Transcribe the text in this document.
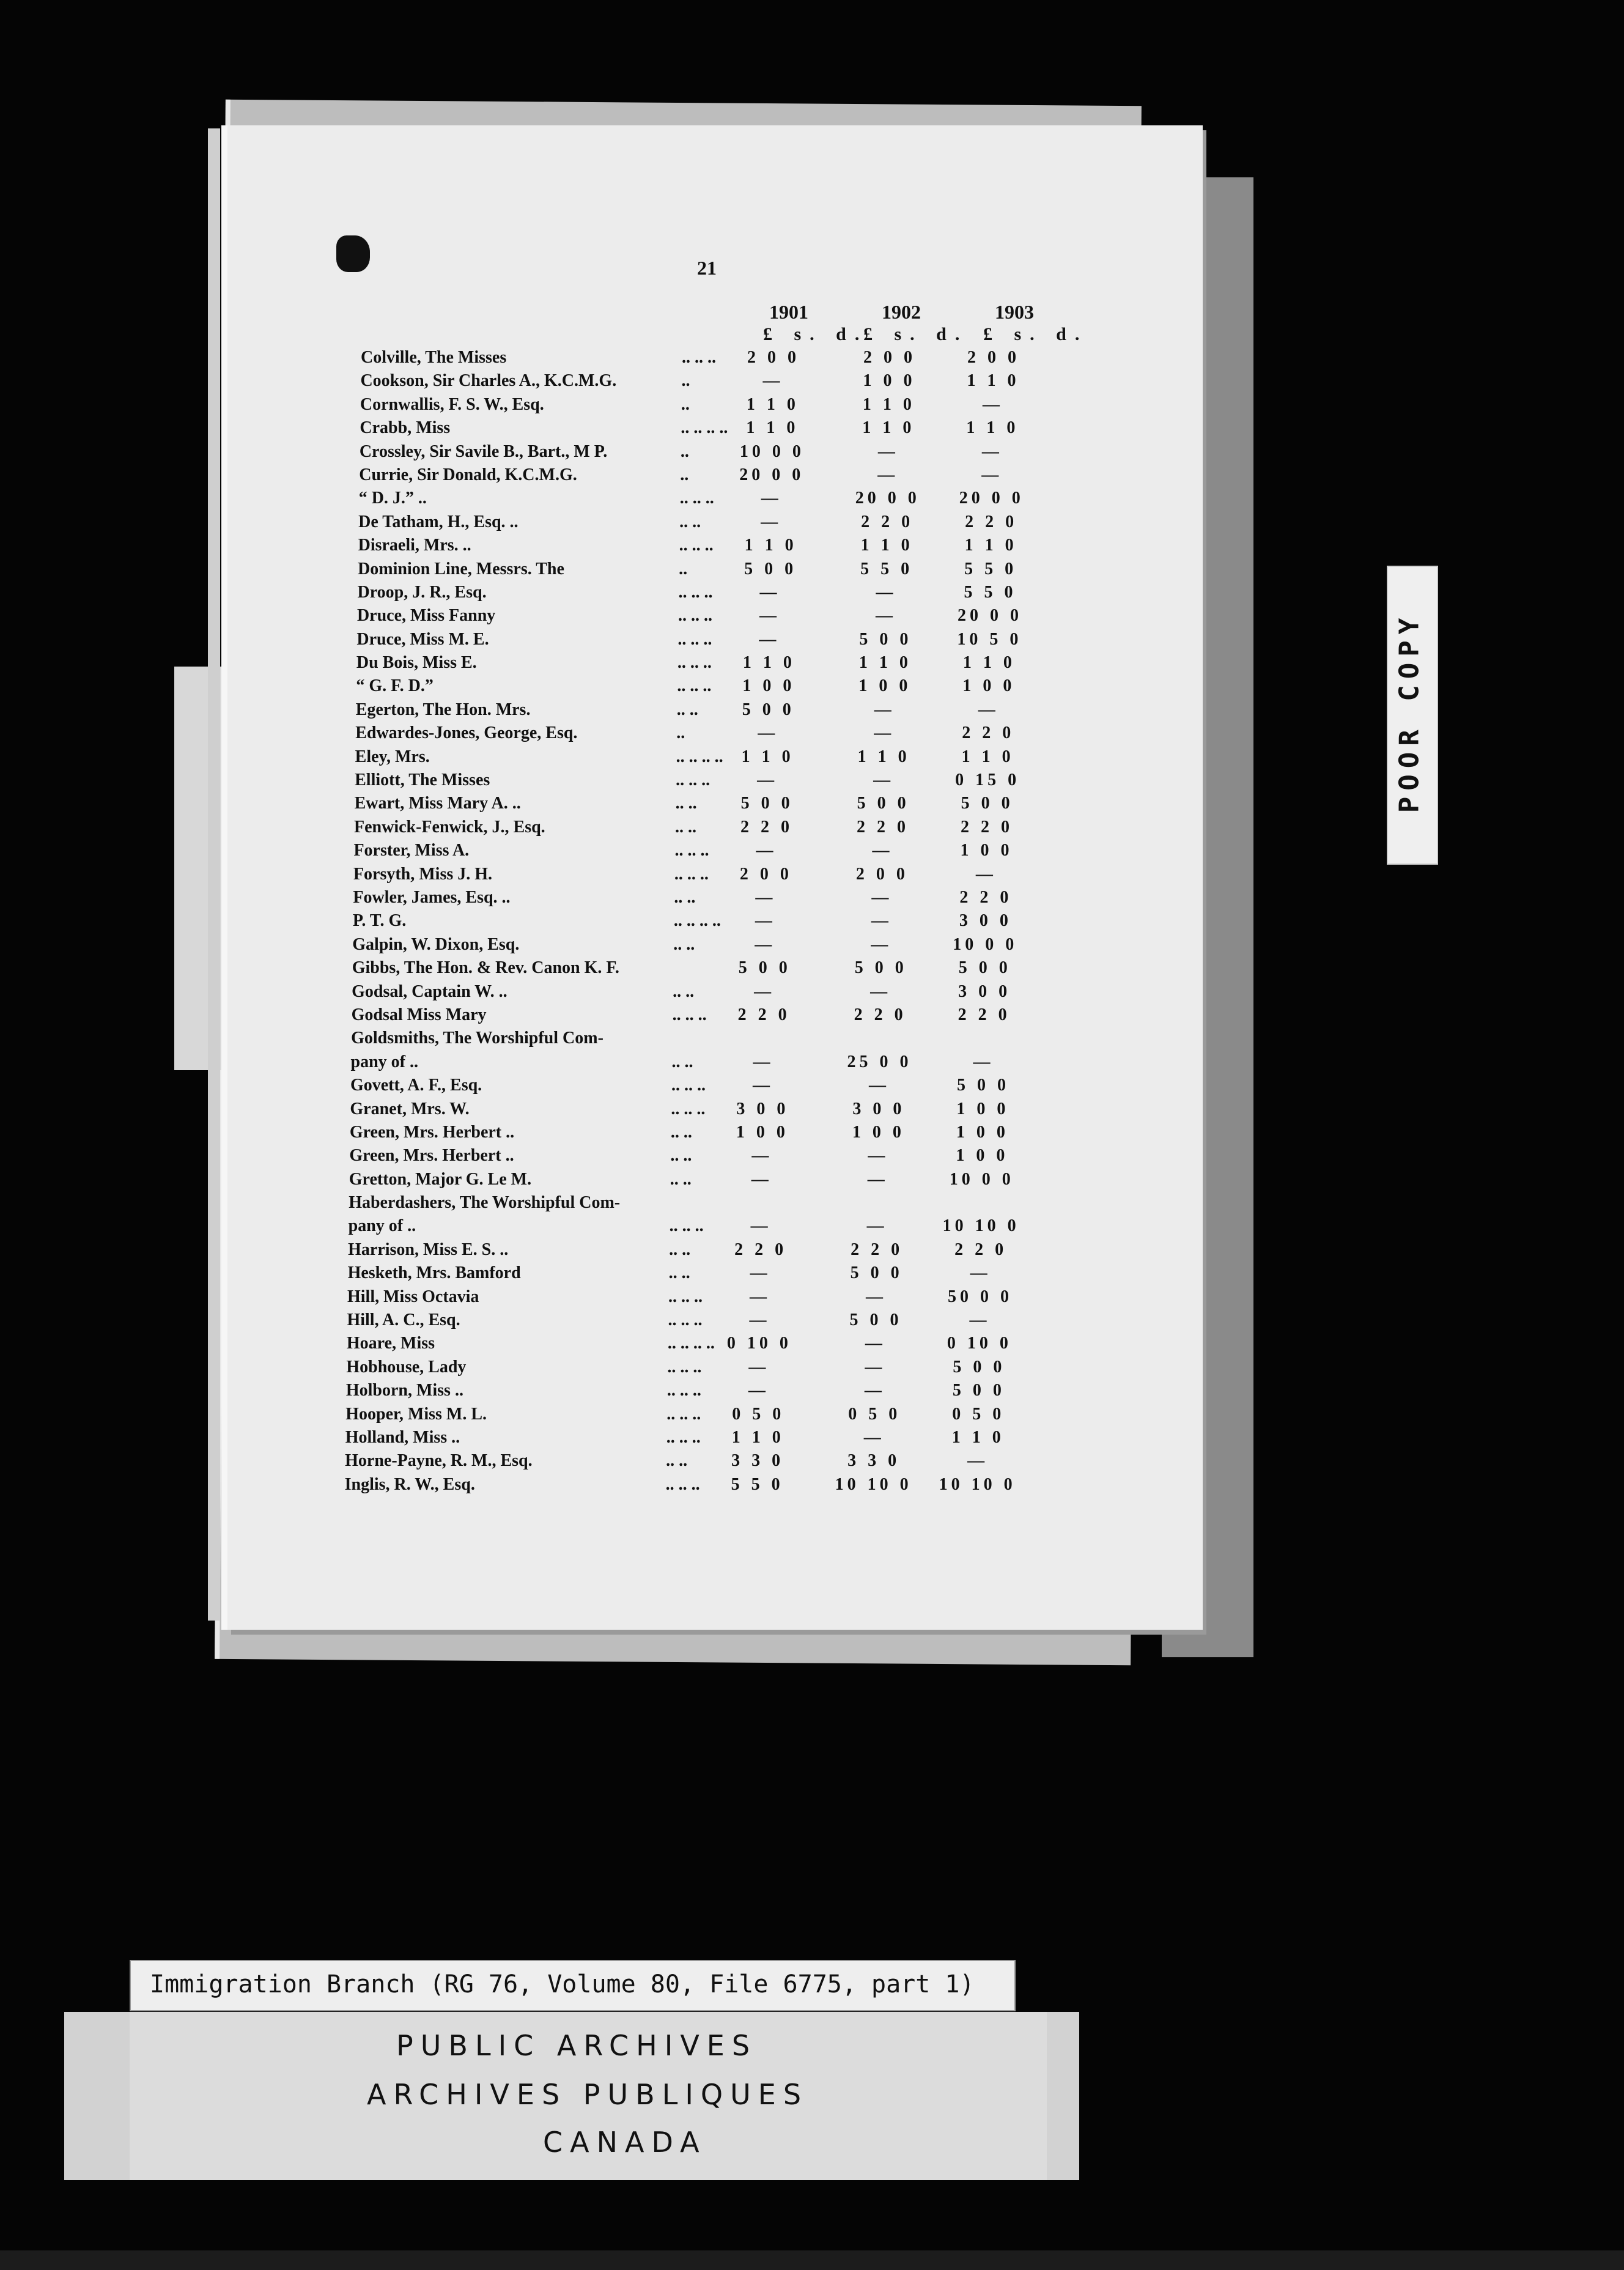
21
1901	1902	1903
£ s. d.
£ s. d. £ s. d.
Colville, The Misses	.. .. ..	2 0 0	2 0 0	2 0 0
Cookson, Sir Charles A., K.C.M.G.	..	—	1 0 0	1 1 0
Cornwallis, F. S. W., Esq.	..	1 1 0	1 1 0	—
Crabb, Miss	.. .. .. ..	1 1 0	1 1 0	1 1 0
Crossley, Sir Savile B., Bart., M P.	..	10 0 0	—	—
Currie, Sir Donald, K.C.M.G.	..	20 0 0	—	—
“ D. J.” ..	.. .. ..	—	20 0 0	20 0 0
De Tatham, H., Esq. ..	.. ..	—	2 2 0	2 2 0
Disraeli, Mrs. ..	.. .. ..	1 1 0	1 1 0	1 1 0
Dominion Line, Messrs. The	..	5 0 0	5 5 0	5 5 0
Droop, J. R., Esq.	.. .. ..	—	—	5 5 0
Druce, Miss Fanny	.. .. ..	—	—	20 0 0
Druce, Miss M. E.	.. .. ..	—	5 0 0	10 5 0
Du Bois, Miss E.	.. .. ..	1 1 0	1 1 0	1 1 0
“ G. F. D.”	.. .. ..	1 0 0	1 0 0	1 0 0
Egerton, The Hon. Mrs.	.. ..	5 0 0	—	—
Edwardes-Jones, George, Esq.	..	—	—	2 2 0
Eley, Mrs.	.. .. .. ..	1 1 0	1 1 0	1 1 0
Elliott, The Misses	.. .. ..	—	—	0 15 0
Ewart, Miss Mary A. ..	.. ..	5 0 0	5 0 0	5 0 0
Fenwick-Fenwick, J., Esq.	.. ..	2 2 0	2 2 0	2 2 0
Forster, Miss A.	.. .. ..	—	—	1 0 0
Forsyth, Miss J. H.	.. .. ..	2 0 0	2 0 0	—
Fowler, James, Esq. ..	.. ..	—	—	2 2 0
P. T. G.	.. .. .. ..	—	—	3 0 0
Galpin, W. Dixon, Esq.	.. ..	—	—	10 0 0
Gibbs, The Hon. & Rev. Canon K. F.	5 0 0	5 0 0	5 0 0
Godsal, Captain W. ..	.. ..	—	—	3 0 0
Godsal Miss Mary	.. .. ..	2 2 0	2 2 0	2 2 0
Goldsmiths, The Worshipful Com-
pany of ..	.. ..	—	25 0 0	—
Govett, A. F., Esq.	.. .. ..	—	—	5 0 0
Granet, Mrs. W.	.. .. ..	3 0 0	3 0 0	1 0 0
Green, Mrs. Herbert ..	.. ..	1 0 0	1 0 0	1 0 0
Green, Mrs. Herbert ..	.. ..	—	—	1 0 0
Gretton, Major G. Le M.	.. ..	—	—	10 0 0
Haberdashers, The Worshipful Com-
pany of ..	.. .. ..	—	—	10 10 0
Harrison, Miss E. S. ..	.. ..	2 2 0	2 2 0	2 2 0
Hesketh, Mrs. Bamford	.. ..	—	5 0 0	—
Hill, Miss Octavia	.. .. ..	—	—	50 0 0
Hill, A. C., Esq.	.. .. ..	—	5 0 0	—
Hoare, Miss	.. .. .. .. 0 10 0	—	0 10 0
Hobhouse, Lady	.. .. ..	—	—	5 0 0
Holborn, Miss ..	.. .. ..	—	—	5 0 0
Hooper, Miss M. L.	.. .. ..	0 5 0	0 5 0	0 5 0
Holland, Miss ..	.. .. ..	1 1 0	—	1 1 0
Horne-Payne, R. M., Esq.	.. ..	3 3 0	3 3 0	—
Inglis, R. W., Esq.	.. .. ..	5 5 0	10 10 0	10 10 0
POOR COPY
Immigration Branch (RG 76, Volume 80, File 6775, part 1)
PUBLIC ARCHIVES
ARCHIVES PUBLIQUES
CANADA
